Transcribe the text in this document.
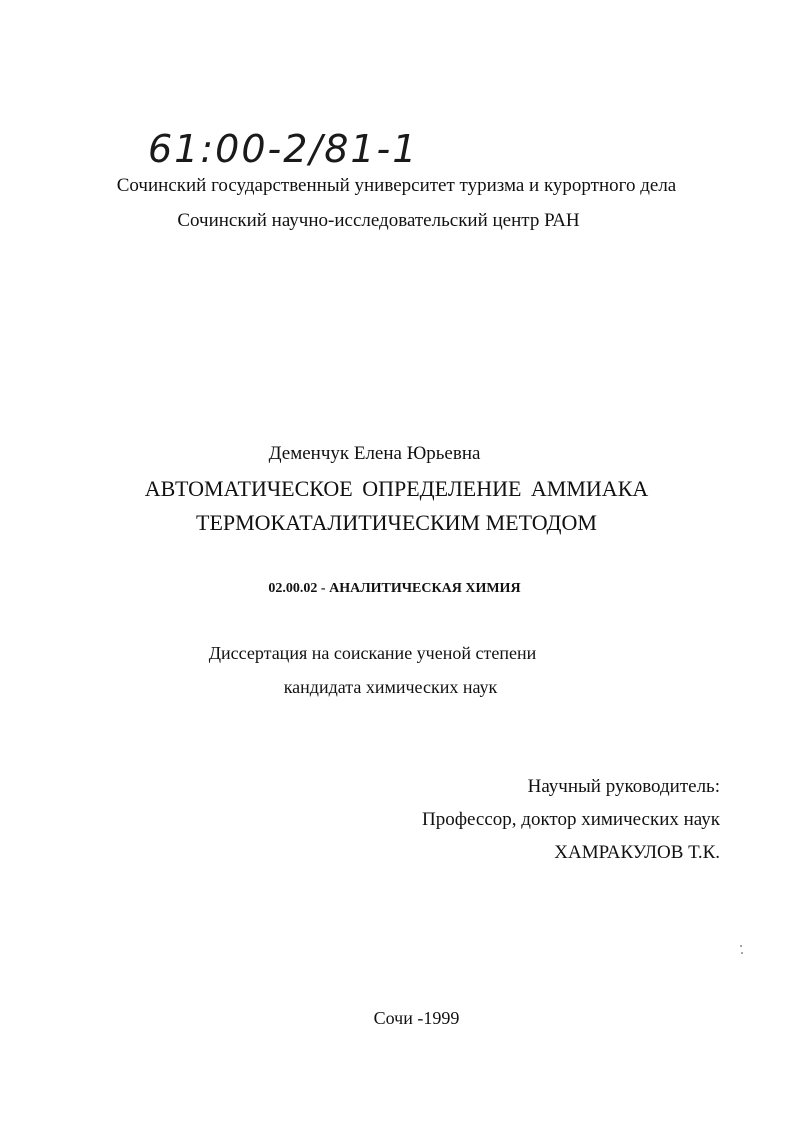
61:00-2/81-1
Сочинский государственный университет туризма и курортного дела
Сочинский научно-исследовательский центр РАН
Деменчук Елена Юрьевна
АВТОМАТИЧЕСКОЕ ОПРЕДЕЛЕНИЕ АММИАКА
ТЕРМОКАТАЛИТИЧЕСКИМ МЕТОДОМ
02.00.02 - АНАЛИТИЧЕСКАЯ ХИМИЯ
Диссертация на соискание ученой степени
кандидата химических наук
Научный руководитель:
Профессор, доктор химических наук
ХАМРАКУЛОВ Т.К.
Сочи -1999
